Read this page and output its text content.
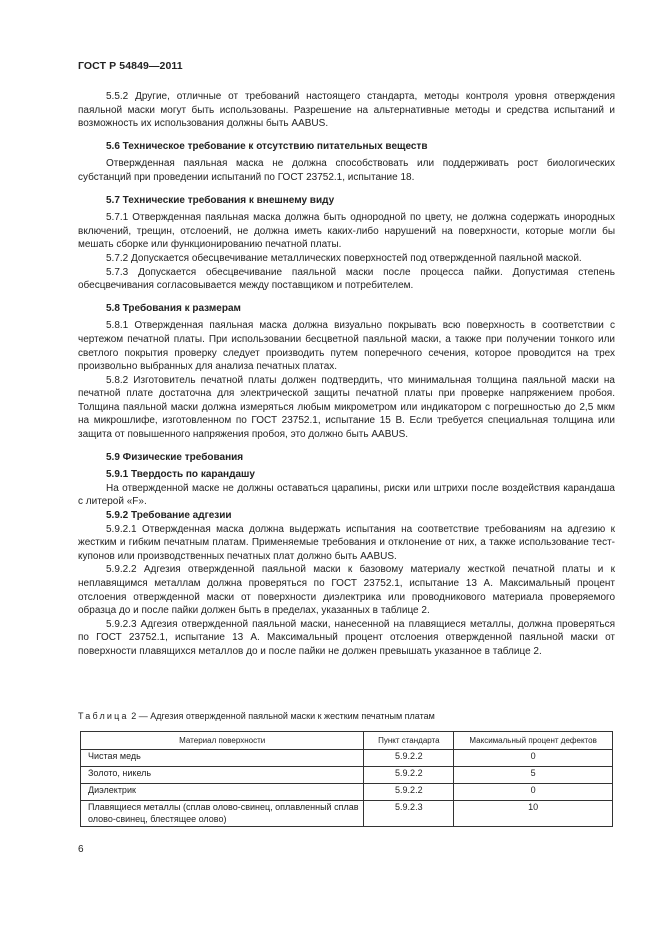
ГОСТ Р 54849—2011

5.5.2 Другие, отличные от требований настоящего стандарта, методы контроля уровня отверждения паяльной маски могут быть использованы. Разрешение на альтернативные методы и средства испытаний и возможность их использования должны быть AABUS.

5.6 Техническое требование к отсутствию питательных веществ

Отвержденная паяльная маска не должна способствовать или поддерживать рост биологических субстанций при проведении испытаний по ГОСТ 23752.1, испытание 18.

5.7 Технические требования к внешнему виду

5.7.1 Отвержденная паяльная маска должна быть однородной по цвету, не должна содержать инородных включений, трещин, отслоений, не должна иметь каких-либо нарушений на поверхности, которые могли бы мешать сборке или функционированию печатной платы.

5.7.2 Допускается обесцвечивание металлических поверхностей под отвержденной паяльной маской.

5.7.3 Допускается обесцвечивание паяльной маски после процесса пайки. Допустимая степень обесцвечивания согласовывается между поставщиком и потребителем.

5.8 Требования к размерам

5.8.1 Отвержденная паяльная маска должна визуально покрывать всю поверхность в соответствии с чертежом печатной платы. При использовании бесцветной паяльной маски, а также при получении тонкого или светлого покрытия проверку следует производить путем поперечного сечения, которое проводится на трех произвольно выбранных для анализа печатных платах.

5.8.2 Изготовитель печатной платы должен подтвердить, что минимальная толщина паяльной маски на печатной плате достаточна для электрической защиты печатной платы при проверке напряжением пробоя. Толщина паяльной маски должна измеряться любым микрометром или индикатором с погрешностью до 2,5 мкм на микрошлифе, изготовленном по ГОСТ 23752.1, испытание 15 В. Если требуется специальная толщина или защита от повышенного напряжения пробоя, это должно быть AABUS.

5.9 Физические требования
5.9.1 Твердость по карандашу

На отвержденной маске не должны оставаться царапины, риски или штрихи после воздействия карандаша с литерой «F».

5.9.2 Требование адгезии

5.9.2.1 Отвержденная маска должна выдержать испытания на соответствие требованиям на адгезию к жестким и гибким печатным платам. Применяемые требования и отклонение от них, а также использование тест-купонов или производственных печатных плат должно быть AABUS.

5.9.2.2 Адгезия отвержденной паяльной маски к базовому материалу жесткой печатной платы и к неплавящимся металлам должна проверяться по ГОСТ 23752.1, испытание 13 А. Максимальный процент отслоения отвержденной маски от поверхности диэлектрика или проводникового материала проверяемого образца до и после пайки должен быть в пределах, указанных в таблице 2.

5.9.2.3 Адгезия отвержденной паяльной маски, нанесенной на плавящиеся металлы, должна проверяться по ГОСТ 23752.1, испытание 13 А. Максимальный процент отслоения отвержденной паяльной маски от поверхности плавящихся металлов до и после пайки не должен превышать указанное в таблице 2.

Таблица 2 — Адгезия отвержденной паяльной маски к жестким печатным платам
Материал поверхности	Пункт стандарта	Максимальный процент дефектов
Чистая медь	5.9.2.2	0
Золото, никель	5.9.2.2	5
Диэлектрик	5.9.2.2	0
Плавящиеся металлы (сплав олово-свинец, оплавленный сплав олово-свинец, блестящее олово)	5.9.2.3	10
6
